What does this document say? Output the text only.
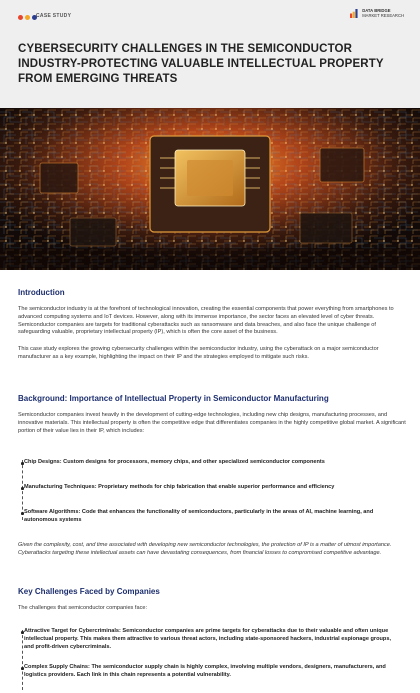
CASE STUDY
DATA BRIDGE
MARKET RESEARCH
CYBERSECURITY CHALLENGES IN THE SEMICONDUCTOR INDUSTRY-PROTECTING VALUABLE INTELLECTUAL PROPERTY FROM EMERGING THREATS
Introduction
The semiconductor industry is at the forefront of technological innovation, creating the essential components that power everything from smartphones to advanced computing systems and IoT devices. However, along with its immense importance, the sector faces an elevated level of cyber threats. Semiconductor companies are targets for traditional cyberattacks such as ransomware and data breaches, and also face the unique challenge of safeguarding valuable, proprietary intellectual property (IP), which is often the core asset of the business.
This case study explores the growing cybersecurity challenges within the semiconductor industry, using the cyberattack on a major semiconductor manufacturer as a key example, highlighting the impact on their IP and the strategies employed to mitigate such risks.
Background: Importance of Intellectual Property in Semiconductor Manufacturing
Semiconductor companies invest heavily in the development of cutting-edge technologies, including new chip designs, manufacturing processes, and innovative materials. This intellectual property is often the competitive edge that differentiates companies in the highly competitive global market. A significant portion of their value lies in their IP, which includes:
Chip Designs: Custom designs for processors, memory chips, and other specialized semiconductor components
Manufacturing Techniques: Proprietary methods for chip fabrication that enable superior performance and efficiency
Software Algorithms: Code that enhances the functionality of semiconductors, particularly in the areas of AI, machine learning, and autonomous systems
Given the complexity, cost, and time associated with developing new semiconductor technologies, the protection of IP is a matter of utmost importance. Cyberattacks targeting these intellectual assets can have devastating consequences, from financial losses to compromised competitive advantage.
Key Challenges Faced by Companies
The challenges that semiconductor companies face:
Attractive Target for Cybercriminals: Semiconductor companies are prime targets for cyberattacks due to their valuable and often unique intellectual property. This makes them attractive to various threat actors, including state-sponsored hackers, industrial espionage groups, and profit-driven cybercriminals.
Complex Supply Chains: The semiconductor supply chain is highly complex, involving multiple vendors, designers, manufacturers, and logistics providers. Each link in this chain represents a potential vulnerability.
